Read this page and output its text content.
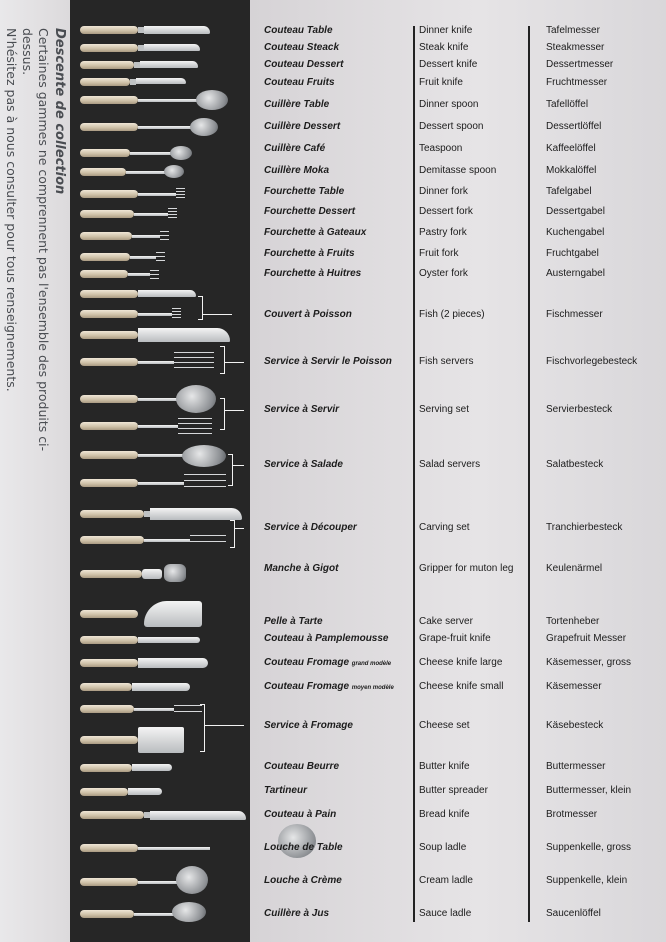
Descente de collection
Certaines gammes ne comprennent pas l'ensemble des produits ci-dessus.
N'hésitez pas à nous consulter pour tous renseignements.	Couteau Table	Dinner knife	Tafelmesser
Couteau Steack	Steak knife	Steakmesser
Couteau Dessert	Dessert knife	Dessertmesser
Couteau Fruits	Fruit knife	Fruchtmesser
Cuillère Table	Dinner spoon	Tafellöffel
Cuillère Dessert	Dessert spoon	Dessertlöffel
Cuillère Café	Teaspoon	Kaffeelöffel
Cuillère Moka	Demitasse spoon	Mokkalöffel
Fourchette Table	Dinner fork	Tafelgabel
Fourchette Dessert	Dessert fork	Dessertgabel
Fourchette à Gateaux	Pastry fork	Kuchengabel
Fourchette à Fruits	Fruit fork	Fruchtgabel
Fourchette à Huitres	Oyster fork	Austerngabel
Couvert à Poisson	Fish (2 pieces)	Fischmesser
Service à Servir le Poisson	Fish servers	Fischvorlegebesteck
Service à Servir	Serving set	Servierbesteck
Service à Salade	Salad servers	Salatbesteck
Service à Découper	Carving set	Tranchierbesteck
Manche à Gigot	Gripper for muton leg	Keulenärmel
Pelle à Tarte	Cake server	Tortenheber
Couteau à Pamplemousse	Grape-fruit knife	Grapefruit Messer
Couteau Fromage grand modèle	Cheese knife large	Käsemesser, gross
Couteau Fromage moyen modèle	Cheese knife small	Käsemesser
Service à Fromage	Cheese set	Käsebesteck
Couteau Beurre	Butter knife	Buttermesser
Tartineur	Butter spreader	Buttermesser, klein
Couteau à Pain	Bread knife	Brotmesser
Louche de Table	Soup ladle	Suppenkelle, gross
Louche à Crème	Cream ladle	Suppenkelle, klein
Cuillère à Jus	Sauce ladle	Saucenlöffel
